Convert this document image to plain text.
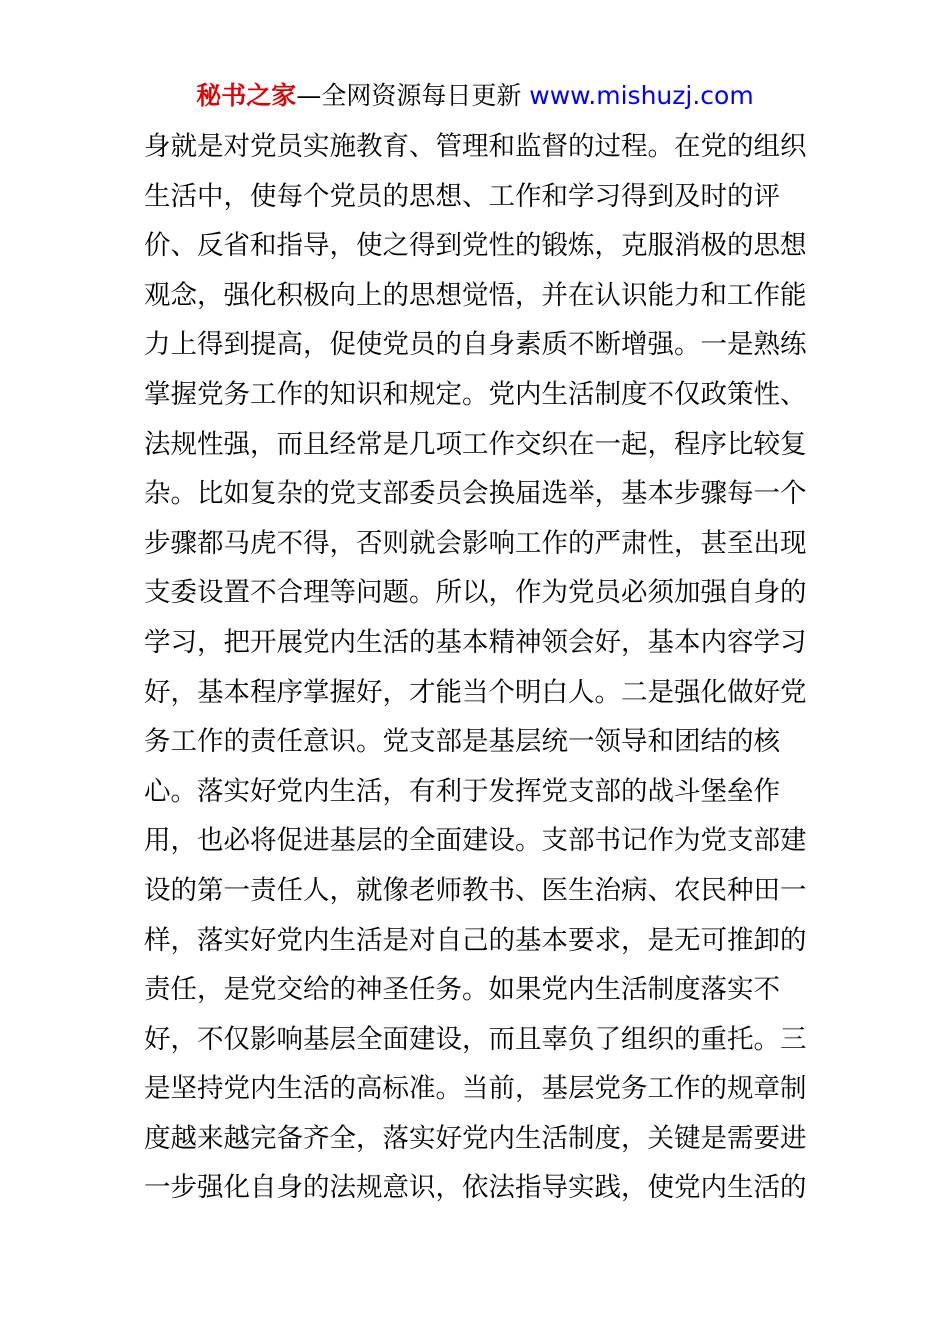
秘书之家—全网资源每日更新 www.mishuzj.com
身就是对党员实施教育、管理和监督的过程。在党的组织
生活中，使每个党员的思想、工作和学习得到及时的评
价、反省和指导，使之得到党性的锻炼，克服消极的思想
观念，强化积极向上的思想觉悟，并在认识能力和工作能
力上得到提高，促使党员的自身素质不断增强。一是熟练
掌握党务工作的知识和规定。党内生活制度不仅政策性、
法规性强，而且经常是几项工作交织在一起，程序比较复
杂。比如复杂的党支部委员会换届选举，基本步骤每一个
步骤都马虎不得，否则就会影响工作的严肃性，甚至出现
支委设置不合理等问题。所以，作为党员必须加强自身的
学习，把开展党内生活的基本精神领会好，基本内容学习
好，基本程序掌握好，才能当个明白人。二是强化做好党
务工作的责任意识。党支部是基层统一领导和团结的核
心。落实好党内生活，有利于发挥党支部的战斗堡垒作
用，也必将促进基层的全面建设。支部书记作为党支部建
设的第一责任人，就像老师教书、医生治病、农民种田一
样，落实好党内生活是对自己的基本要求，是无可推卸的
责任，是党交给的神圣任务。如果党内生活制度落实不
好，不仅影响基层全面建设，而且辜负了组织的重托。三
是坚持党内生活的高标准。当前，基层党务工作的规章制
度越来越完备齐全，落实好党内生活制度，关键是需要进
一步强化自身的法规意识，依法指导实践，使党内生活的
